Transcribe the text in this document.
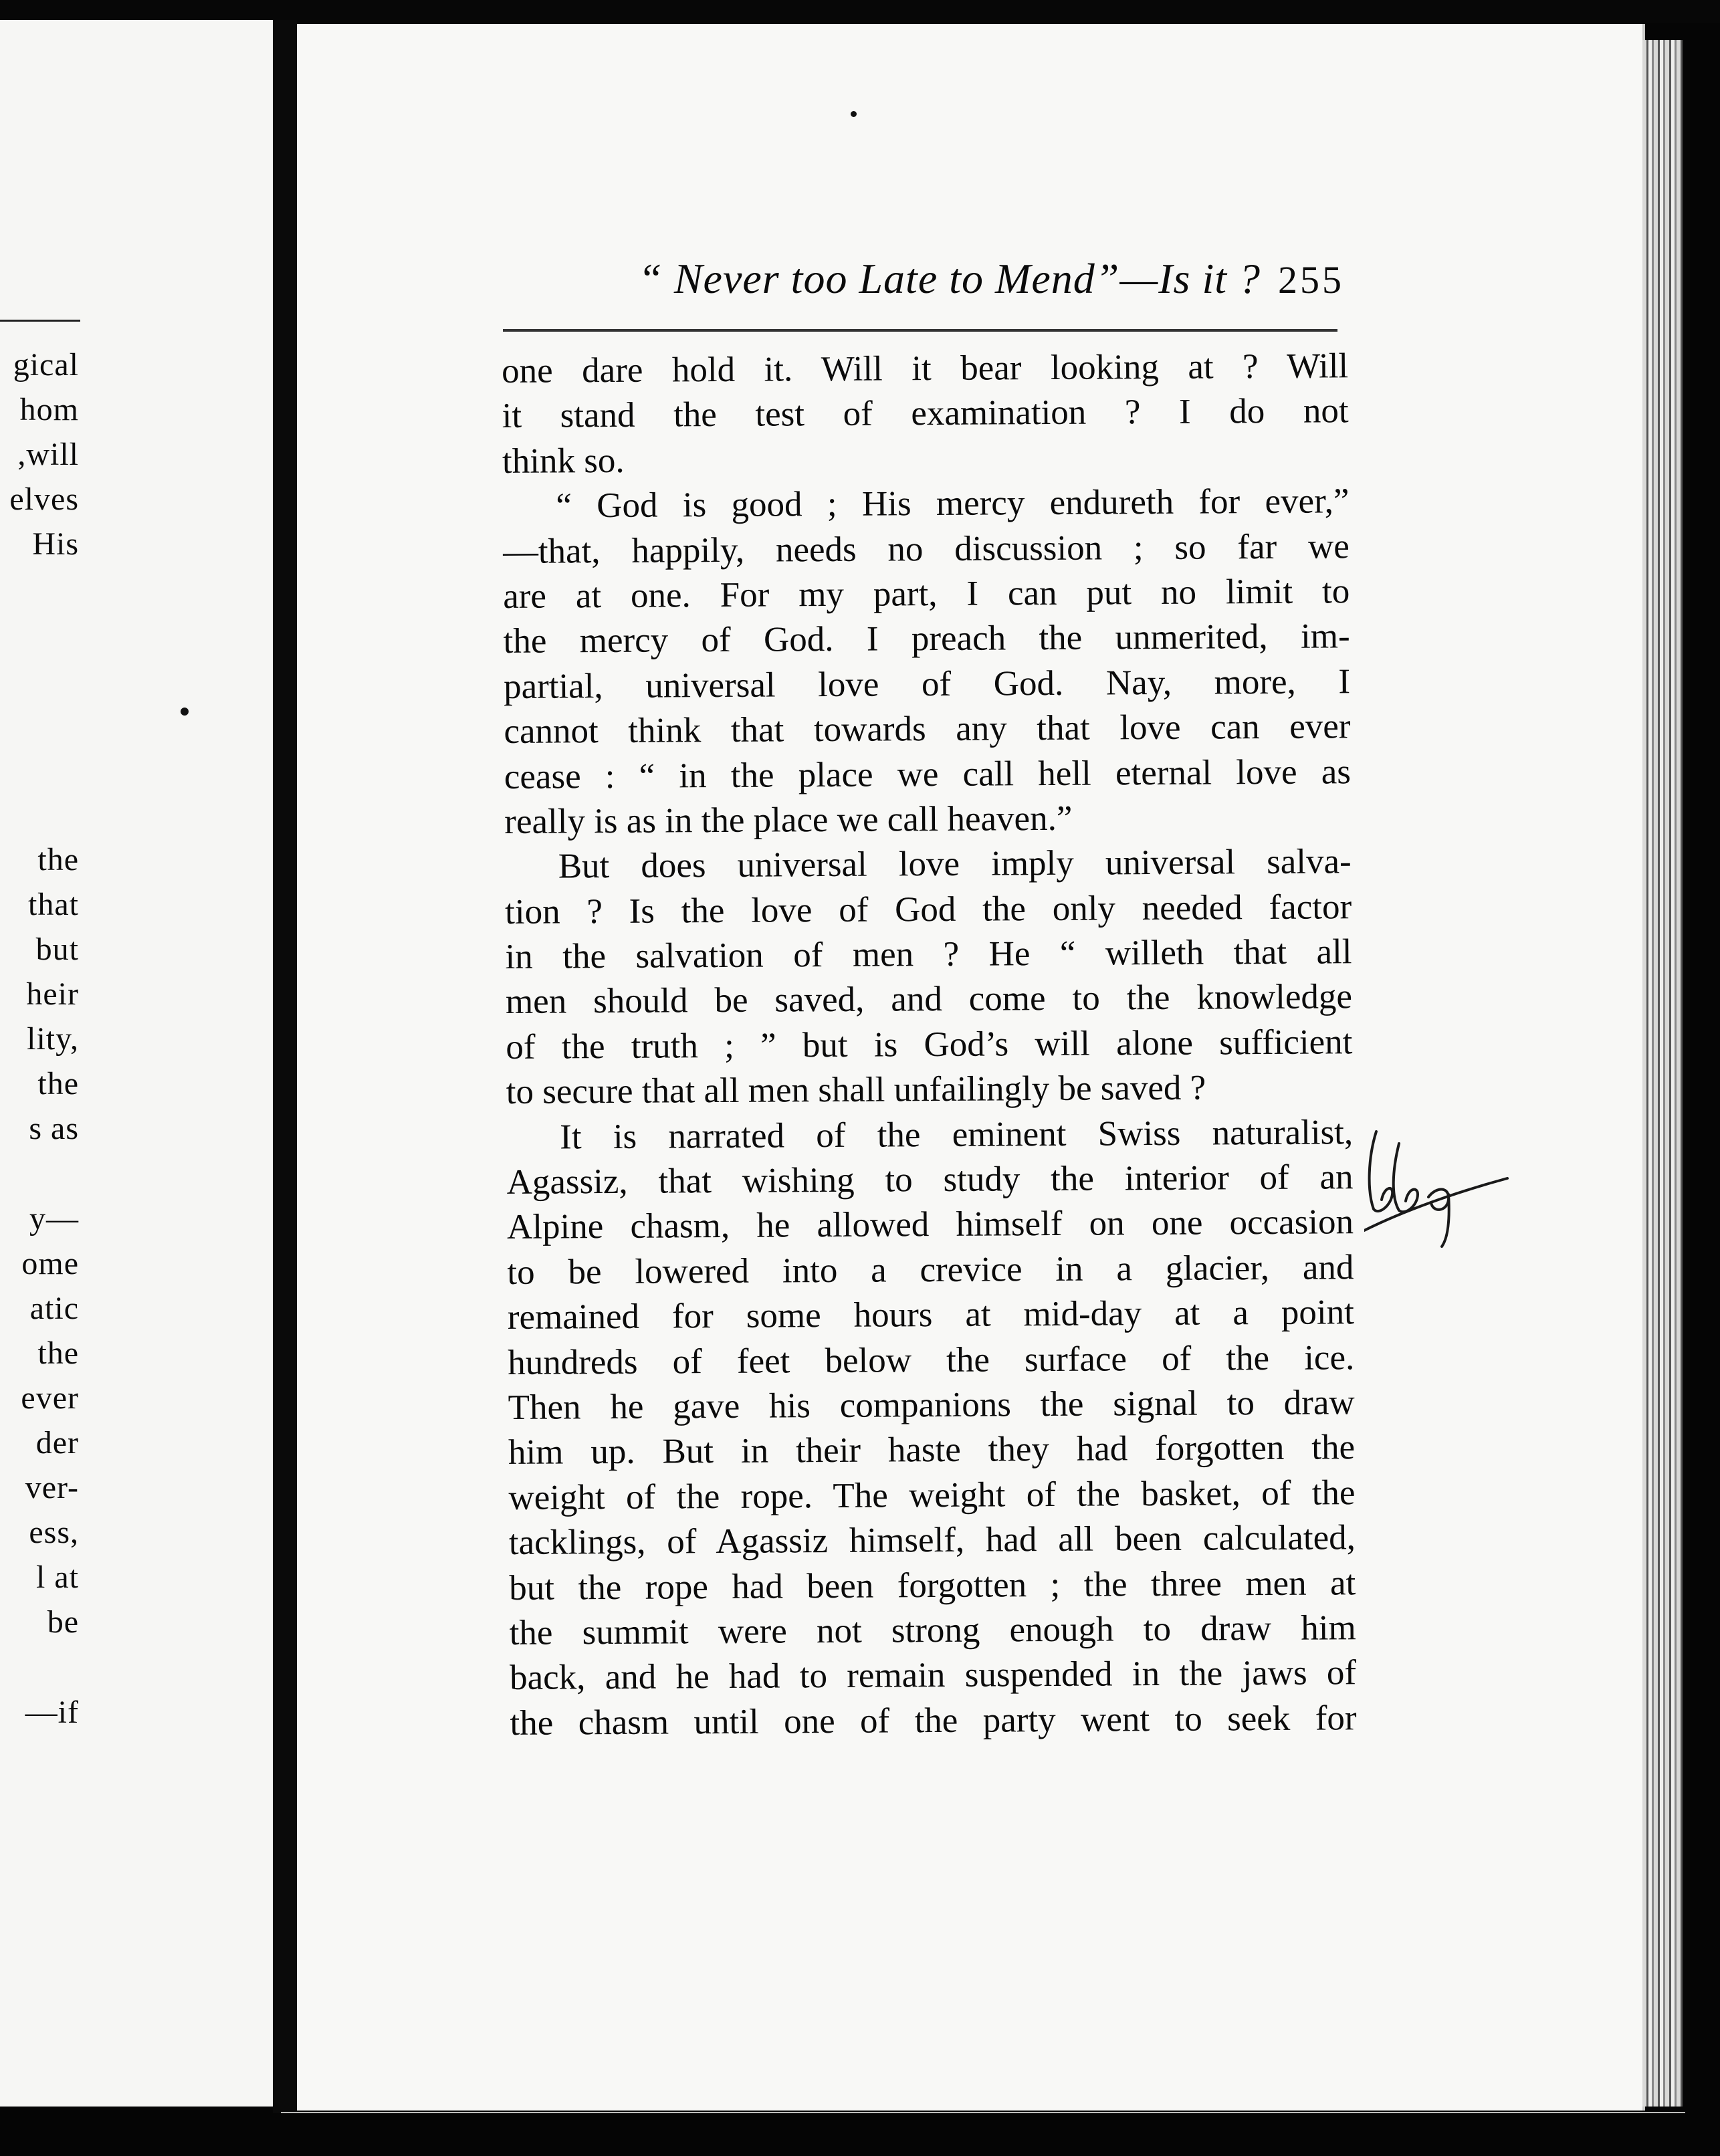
gical
hom
,will
elves
His
the
that
but
heir
lity,
the
s as
y—
ome
atic
the
ever
der
ver-
ess,
l at
be
—if
“ Never too Late to Mend”—Is it ? 255
one dare hold it. Will it bear looking at ? Will
it stand the test of examination ? I do not
think so.
“ God is good ; His mercy endureth for ever,”
—that, happily, needs no discussion ; so far we
are at one. For my part, I can put no limit to
the mercy of God. I preach the unmerited, im-
partial, universal love of God. Nay, more, I
cannot think that towards any that love can ever
cease : “ in the place we call hell eternal love as
really is as in the place we call heaven.”
But does universal love imply universal salva-
tion ? Is the love of God the only needed factor
in the salvation of men ? He “ willeth that all
men should be saved, and come to the knowledge
of the truth ; ” but is God’s will alone sufficient
to secure that all men shall unfailingly be saved ?
It is narrated of the eminent Swiss naturalist,
Agassiz, that wishing to study the interior of an
Alpine chasm, he allowed himself on one occasion
to be lowered into a crevice in a glacier, and
remained for some hours at mid-day at a point
hundreds of feet below the surface of the ice.
Then he gave his companions the signal to draw
him up. But in their haste they had forgotten the
weight of the rope. The weight of the basket, of the
tacklings, of Agassiz himself, had all been calculated,
but the rope had been forgotten ; the three men at
the summit were not strong enough to draw him
back, and he had to remain suspended in the jaws of
the chasm until one of the party went to seek for
